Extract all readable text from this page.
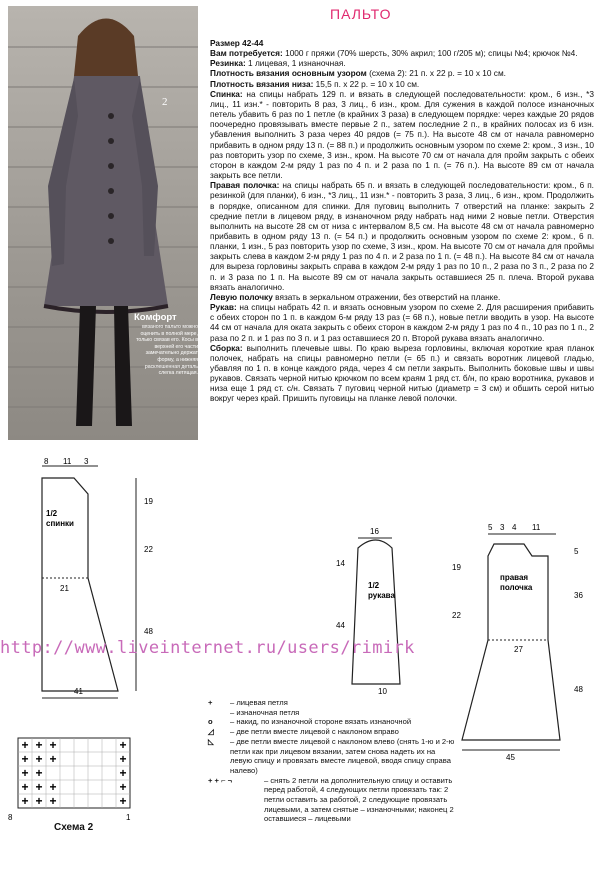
2
Комфорт
вязаного пальто можно оценить в полной мере, только связав его. Косы в верхней его части замечательно держат форму, а нижняя расклешенная деталь слегка летящая.
ПАЛЬТО

Размер 42-44

Вам потребуется: 1000 г пряжи (70% шерсть, 30% акрил; 100 г/205 м); спицы №4; крючок №4.

Резинка: 1 лицевая, 1 изнаночная.

Плотность вязания основным узором (схема 2): 21 п. х 22 р. = 10 х 10 см.

Плотность вязания низа: 15,5 п. х 22 р. = 10 х 10 см.

Спинка: на спицы набрать 129 п. и вязать в следующей последовательности: кром., 6 изн., *3 лиц., 11 изн.* - повторить 8 раз, 3 лиц., 6 изн., кром. Для сужения в каждой полосе изнаночных петель убавить 6 раз по 1 петле (в крайних 3 раза) в следующем порядке: через каждые 20 рядов поочередно провязывать вместе первые 2 п., затем последние 2 п., в крайних полосах из 6 изн. убавления выполнить 3 раза через 40 рядов (= 75 п.). На высоте 48 см от начала равномерно прибавить в одном ряду 13 п. (= 88 п.) и продолжить основным узором по схеме 2: кром., 3 изн., 10 раз повторить узор по схеме, 3 изн., кром. На высоте 70 см от начала для пройм закрыть с обеих сторон в каждом 2-м ряду 1 раз по 4 п. и 2 раза по 1 п. (= 76 п.). На высоте 89 см от начала закрыть все петли.

Правая полочка: на спицы набрать 65 п. и вязать в следующей последовательности: кром., 6 п. резинкой (для планки), 6 изн., *3 лиц., 11 изн.* - повторить 3 раза, 3 лиц., 6 изн., кром. Продолжить в порядке, описанном для спинки. Для пуговиц выполнить 7 отверстий на планке: закрыть 2 средние петли в лицевом ряду, в изнаночном ряду набрать над ними 2 новые петли. Отверстия выполнить на высоте 28 см от низа с интервалом 8,5 см. На высоте 48 см от начала равномерно прибавить в одном ряду 13 п. (= 54 п.) и продолжить основным узором по схеме 2: кром., 6 п. планки, 1 изн., 5 раз повторить узор по схеме, 3 изн., кром. На высоте 70 см от начала для проймы закрыть слева в каждом 2-м ряду 1 раз по 4 п. и 2 раза по 1 п. (= 48 п.). На высоте 84 см от начала для выреза горловины закрыть справа в каждом 2-м ряду 1 раз по 10 п., 2 раза по 3 п., 2 раза по 2 п. и 3 раза по 1 п. На высоте 89 см от начала закрыть оставшиеся 25 п. плеча. Второй рукава вязать аналогично.

Левую полочку вязать в зеркальном отражении, без отверстий на планке.

Рукав: на спицы набрать 42 п. и вязать основным узором по схеме 2. Для расширения прибавить с обеих сторон по 1 п. в каждом 6-м ряду 13 раз (= 68 п.), новые петли вводить в узор. На высоте 44 см от начала для оката закрыть с обеих сторон в каждом 2-м ряду 1 раз по 4 п., 10 раз по 1 п., 2 раза по 2 п. и 1 раз по 3 п. и 1 раз оставшиеся 20 п. Второй рукава вязать аналогично.

Сборка: выполнить плечевые швы. По краю выреза горловины, включая короткие края планок полочек, набрать на спицы равномерно петли (= 65 п.) и связать воротник лицевой гладью, убавляя по 1 п. в конце каждого ряда, через 4 см петли закрыть. Выполнить боковые швы и швы рукавов. Связать черной нитью крючком по всем краям 1 ряд ст. б/н, по краю воротника, рукавов и низа еще 1 ряд ст. с/н. Связать 7 пуговиц черной нитью (диаметр = 3 см) и обшить серой нитью вокруг через край. Пришить пуговицы на планке левой полочки.

8 11 3
19
22
48
21
41
1/2 спинки
16
14
44
10
1/2 рукава
5 3 4 11
5
19
22
36
27
48
45
правая полочка
http://www.liveinternet.ru/users/rimirk
+	– лицевая петля
– изнаночная петля
o	– накид, по изнаночной стороне вязать изнаночной
◿	– две петли вместе лицевой с наклоном вправо
◺	– две петли вместе лицевой с наклоном влево (снять 1-ю и 2-ю петли как при лицевом вязании, затем снова надеть их на левую спицу и провязать вместе лицевой, вводя спицу справа налево)
+ + ⌐ ¬	– снять 2 петли на дополнительную спицу и оставить перед работой, 4 следующих петли провязать так: 2 петли оставить за работой, 2 следующие провязать лицевыми, а затем снятые – изнаночными; наконец 2 оставшиеся – лицевыми
+ + +	+
+ + +	+
+ +	+
+ + +	+
+ + +	+
8	1
Схема 2
